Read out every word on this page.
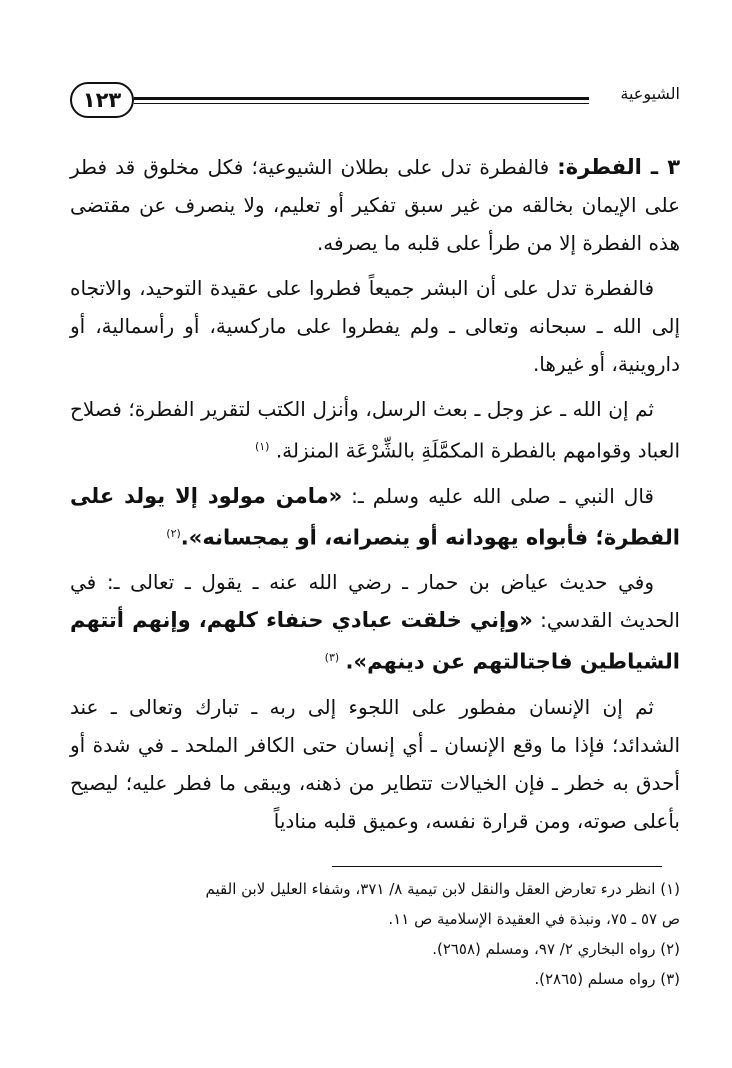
١٢٣	الشيوعية

٣ ـ الفطرة: فالفطرة تدل على بطلان الشيوعية؛ فكل مخلوق قد فطر على الإيمان بخالقه من غير سبق تفكير أو تعليم، ولا ينصرف عن مقتضى هذه الفطرة إلا من طرأ على قلبه ما يصرفه.

فالفطرة تدل على أن البشر جميعاً فطروا على عقيدة التوحيد، والاتجاه إلى الله ـ سبحانه وتعالى ـ ولم يفطروا على ماركسية، أو رأسمالية، أو داروينية، أو غيرها.

ثم إن الله ـ عز وجل ـ بعث الرسل، وأنزل الكتب لتقرير الفطرة؛ فصلاح العباد وقوامهم بالفطرة المكمَّلَةِ بالشِّرْعَة المنزلة. $^{(١)}$

قال النبي ـ صلى الله عليه وسلم ـ: «مامن مولود إلا يولد على الفطرة؛ فأبواه يهودانه أو ينصرانه، أو يمجسانه».$^{(٢)}$

وفي حديث عياض بن حمار ـ رضي الله عنه ـ يقول ـ تعالى ـ: في الحديث القدسي: «وإني خلقت عبادي حنفاء كلهم، وإنهم أتتهم الشياطين فاجتالتهم عن دينهم». $^{(٣)}$

ثم إن الإنسان مفطور على اللجوء إلى ربه ـ تبارك وتعالى ـ عند الشدائد؛ فإذا ما وقع الإنسان ـ أي إنسان حتى الكافر الملحد ـ في شدة أو أحدق به خطر ـ فإن الخيالات تتطاير من ذهنه، ويبقى ما فطر عليه؛ ليصيح بأعلى صوته، ومن قرارة نفسه، وعميق قلبه منادياً

(١) انظر درء تعارض العقل والنقل لابن تيمية ٨/ ٣٧١، وشفاء العليل لابن القيم
ص ٥٧ ـ ٧٥، ونبذة في العقيدة الإسلامية ص ١١.
(٢) رواه البخاري ٢/ ٩٧، ومسلم (٢٦٥٨).
(٣) رواه مسلم (٢٨٦٥).
